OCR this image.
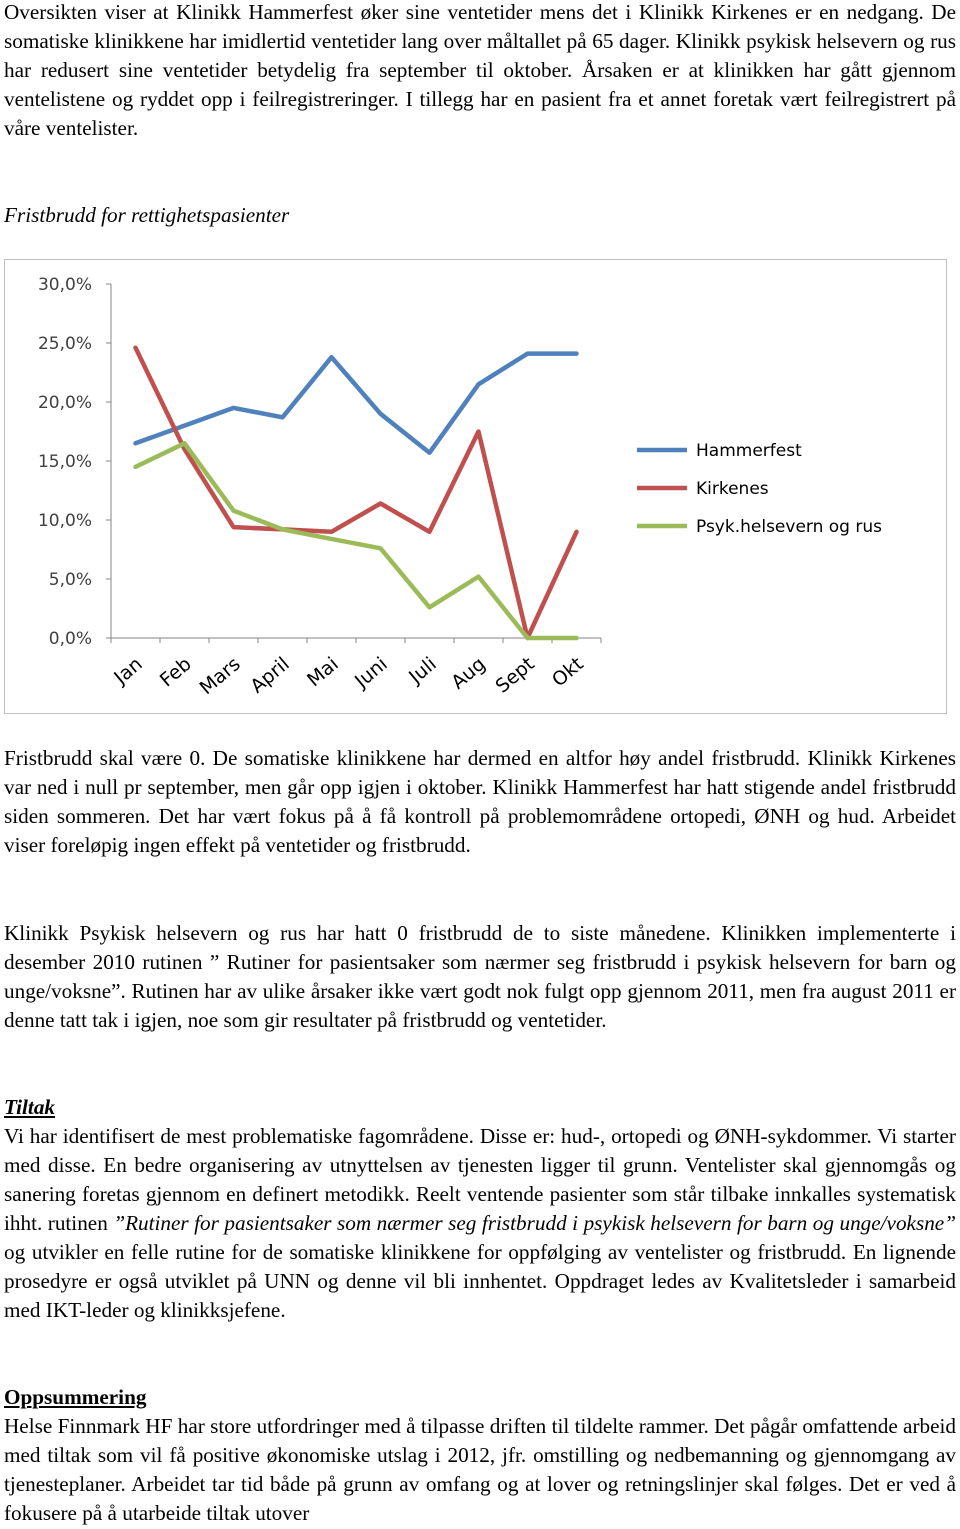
Oversikten viser at Klinikk Hammerfest øker sine ventetider mens det i Klinikk Kirkenes er en nedgang. De somatiske klinikkene har imidlertid ventetider lang over måltallet på 65 dager. Klinikk psykisk helsevern og rus har redusert sine ventetider betydelig fra september til oktober. Årsaken er at klinikken har gått gjennom ventelistene og ryddet opp i feilregistreringer. I tillegg har en pasient fra et annet foretak vært feilregistrert på våre ventelister.

Fristbrudd for rettighetspasienter
0,0%
5,0%
10,0%
15,0%
20,0%
25,0%
30,0%
Jan Feb Mars April Mai Juni Juli Aug Sept Okt
Hammerfest
Kirkenes
Psyk.helsevern og rus

Fristbrudd skal være 0. De somatiske klinikkene har dermed en altfor høy andel fristbrudd. Klinikk Kirkenes var ned i null pr september, men går opp igjen i oktober. Klinikk Hammerfest har hatt stigende andel fristbrudd siden sommeren. Det har vært fokus på å få kontroll på problemområdene ortopedi, ØNH og hud. Arbeidet viser foreløpig ingen effekt på ventetider og fristbrudd.

Klinikk Psykisk helsevern og rus har hatt 0 fristbrudd de to siste månedene. Klinikken implementerte i desember 2010 rutinen ” Rutiner for pasientsaker som nærmer seg fristbrudd i psykisk helsevern for barn og unge/voksne”. Rutinen har av ulike årsaker ikke vært godt nok fulgt opp gjennom 2011, men fra august 2011 er denne tatt tak i igjen, noe som gir resultater på fristbrudd og ventetider.

Tiltak

Vi har identifisert de mest problematiske fagområdene. Disse er: hud-, ortopedi og ØNH-sykdommer. Vi starter med disse. En bedre organisering av utnyttelsen av tjenesten ligger til grunn. Ventelister skal gjennomgås og sanering foretas gjennom en definert metodikk. Reelt ventende pasienter som står tilbake innkalles systematisk ihht. rutinen ”Rutiner for pasientsaker som nærmer seg fristbrudd i psykisk helsevern for barn og unge/voksne” og utvikler en felle rutine for de somatiske klinikkene for oppfølging av ventelister og fristbrudd. En lignende prosedyre er også utviklet på UNN og denne vil bli innhentet. Oppdraget ledes av Kvalitetsleder i samarbeid med IKT-leder og klinikksjefene.

Oppsummering

Helse Finnmark HF har store utfordringer med å tilpasse driften til tildelte rammer. Det pågår omfattende arbeid med tiltak som vil få positive økonomiske utslag i 2012, jfr. omstilling og nedbemanning og gjennomgang av tjenesteplaner. Arbeidet tar tid både på grunn av omfang og at lover og retningslinjer skal følges. Det er ved å fokusere på å utarbeide tiltak utover
